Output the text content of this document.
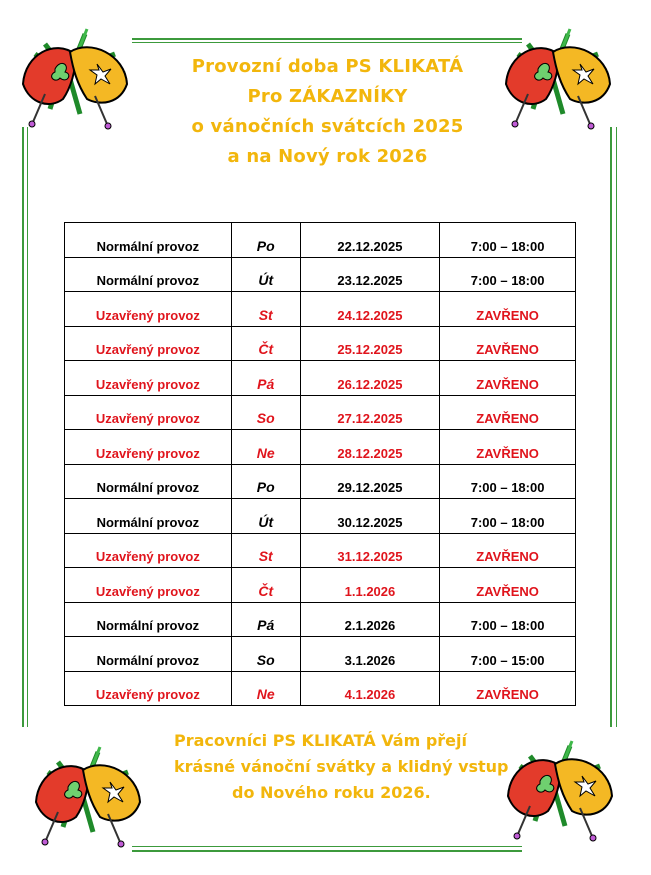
Provozní doba PS KLIKATÁ
Pro ZÁKAZNÍKY
o vánočních svátcích 2025
a na Nový rok 2026
Normální provoz	Po	22.12.2025	7:00 – 18:00
Normální provoz	Út	23.12.2025	7:00 – 18:00
Uzavřený provoz	St	24.12.2025	ZAVŘENO
Uzavřený provoz	Čt	25.12.2025	ZAVŘENO
Uzavřený provoz	Pá	26.12.2025	ZAVŘENO
Uzavřený provoz	So	27.12.2025	ZAVŘENO
Uzavřený provoz	Ne	28.12.2025	ZAVŘENO
Normální provoz	Po	29.12.2025	7:00 – 18:00
Normální provoz	Út	30.12.2025	7:00 – 18:00
Uzavřený provoz	St	31.12.2025	ZAVŘENO
Uzavřený provoz	Čt	1.1.2026	ZAVŘENO
Normální provoz	Pá	2.1.2026	7:00 – 18:00
Normální provoz	So	3.1.2026	7:00 – 15:00
Uzavřený provoz	Ne	4.1.2026	ZAVŘENO
Pracovníci PS KLIKATÁ Vám přejí
krásné vánoční svátky a klidný vstup
do Nového roku 2026.
